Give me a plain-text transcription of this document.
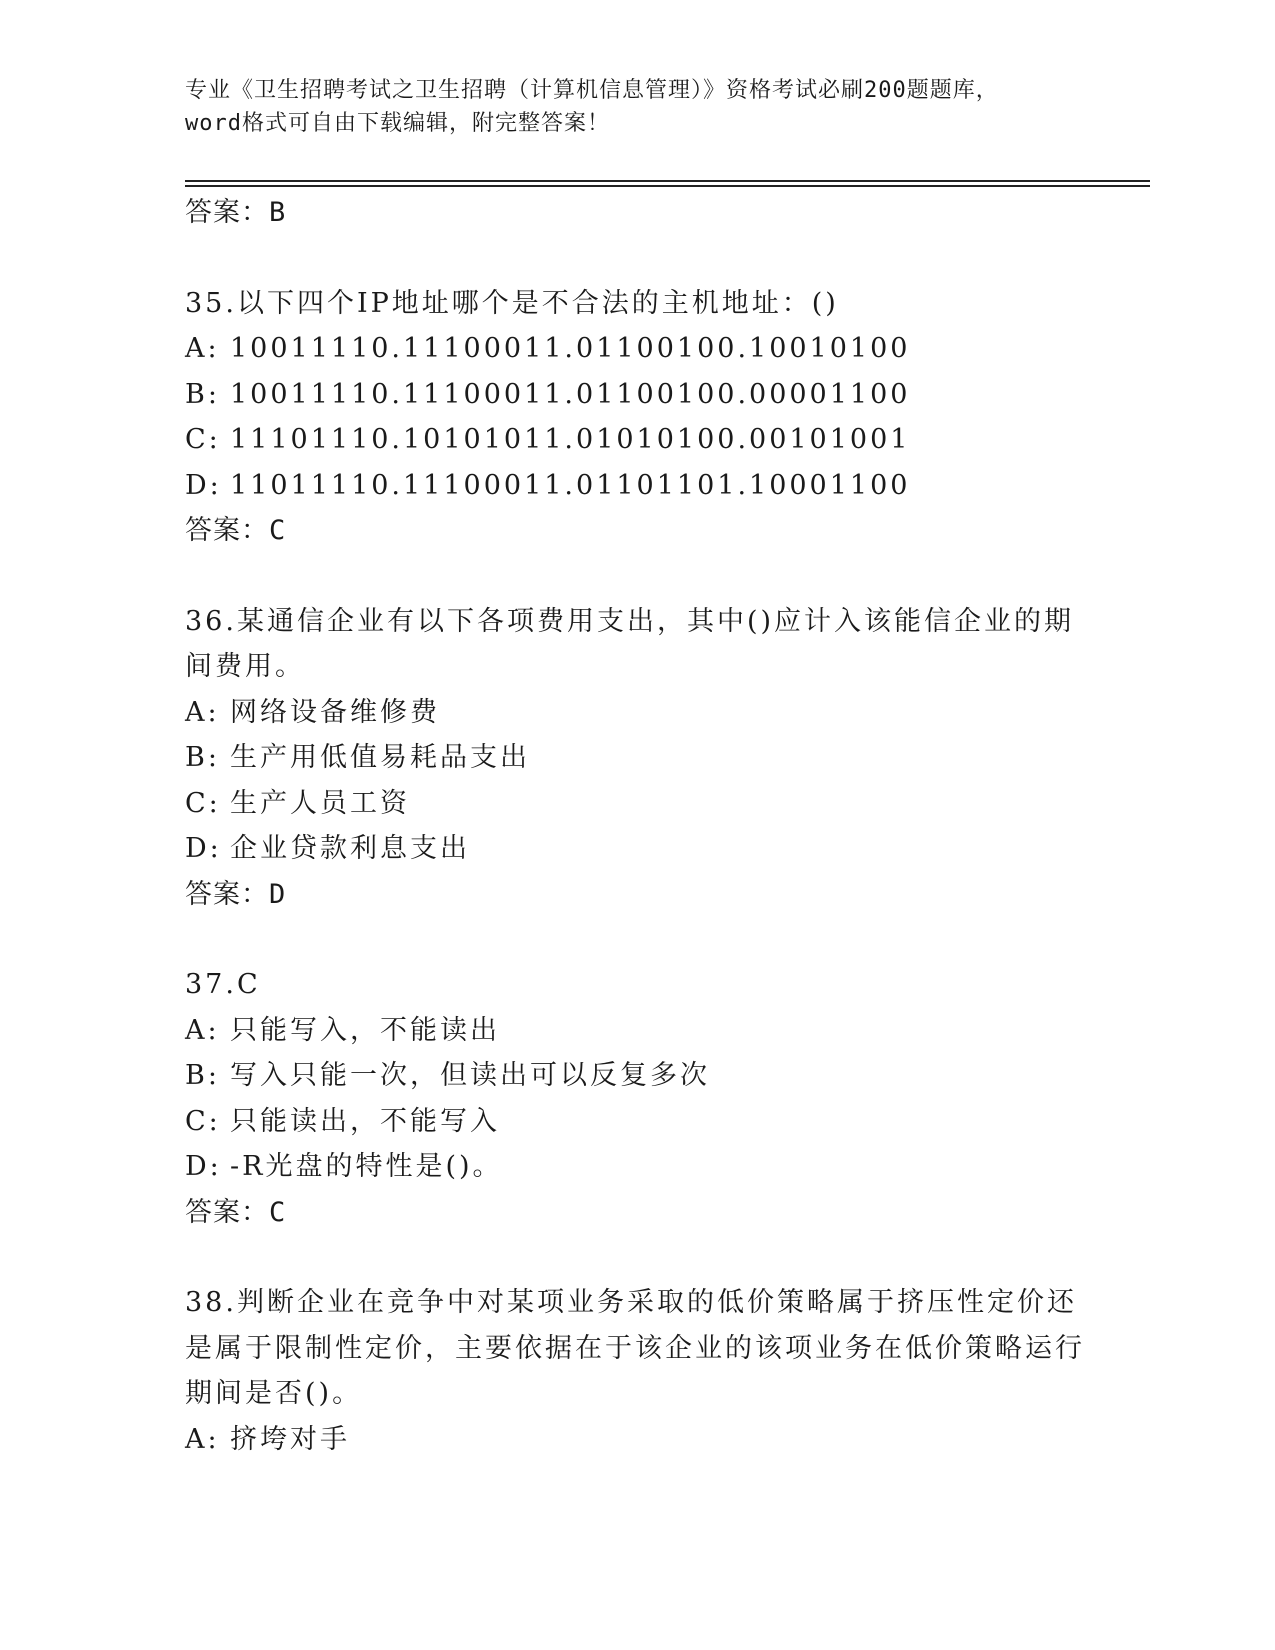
专业《卫生招聘考试之卫生招聘（计算机信息管理）》资格考试必刷200题题库，
word格式可自由下载编辑，附完整答案！
答案：B
35.以下四个IP地址哪个是不合法的主机地址：()
A: 10011110.11100011.01100100.10010100
B: 10011110.11100011.01100100.00001100
C: 11101110.10101011.01010100.00101001
D: 11011110.11100011.01101101.10001100
答案：C
36.某通信企业有以下各项费用支出，其中()应计入该能信企业的期间费用。
A: 网络设备维修费
B: 生产用低值易耗品支出
C: 生产人员工资
D: 企业贷款利息支出
答案：D
37.C
A: 只能写入，不能读出
B: 写入只能一次，但读出可以反复多次
C: 只能读出，不能写入
D: -R光盘的特性是()。
答案：C
38.判断企业在竞争中对某项业务采取的低价策略属于挤压性定价还是属于限制性定价，主要依据在于该企业的该项业务在低价策略运行期间是否()。
A: 挤垮对手
